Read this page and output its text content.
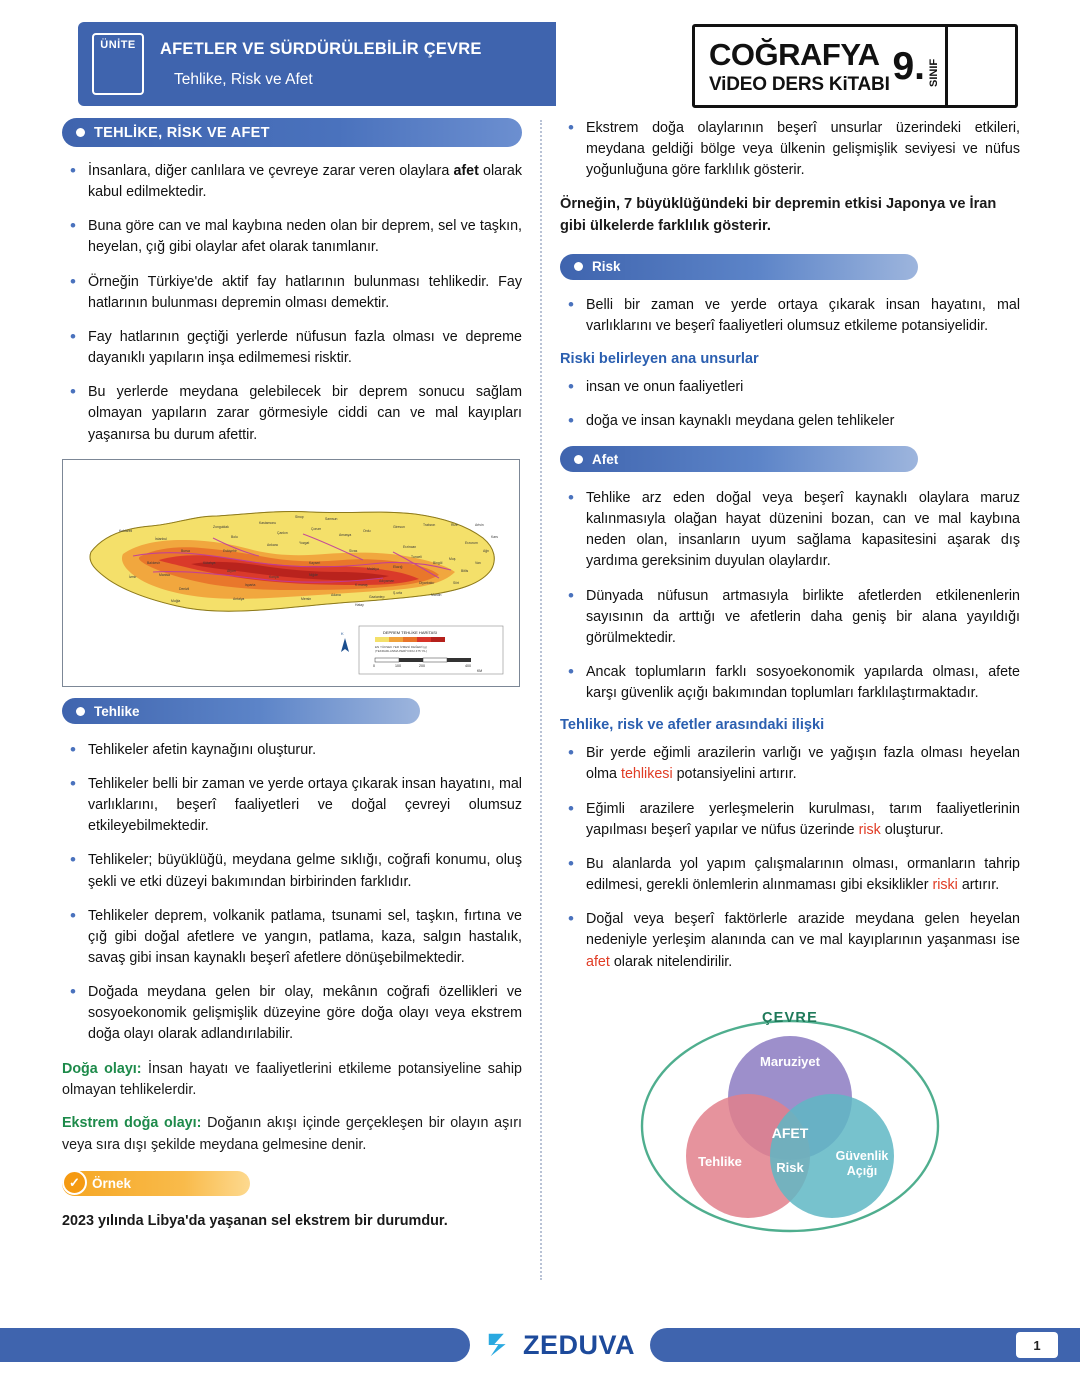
ÜNİTE AFETLER VE SÜRDÜRÜLEBİLİR ÇEVRE
Tehlike, Risk ve Afet
COĞRAFYA
ViDEO DERS KiTABI 9. SINIF
TEHLİKE, RİSK VE AFET
• İnsanlara, diğer canlılara ve çevreye zarar veren olaylara afet olarak kabul edilmektedir.
• Buna göre can ve mal kaybına neden olan bir deprem, sel ve taşkın, heyelan, çığ gibi olaylar afet olarak tanımlanır.
• Örneğin Türkiye'de aktif fay hatlarının bulunması tehlikedir. Fay hatlarının bulunması depremin olması demektir.
• Fay hatlarının geçtiği yerlerde nüfusun fazla olması ve depreme dayanıklı yapıların inşa edilmemesi risktir.
• Bu yerlerde meydana gelebilecek bir deprem sonucu sağlam olmayan yapıların zarar görmesiyle ciddi can ve mal kayıpları yaşanırsa bu durum afettir.
Kırklareli
İstanbul
Bursa
Balıkesir
İzmir	Manisa
Denizli
Muğla	Antalya
Konya
Ankara
Eskişehir
Kütahya
Afyon
Isparta
Niğde
Adana
Mersin
Hatay
K.maraş
Gaziantep
Ş.urfa
Diyarbakır
Mardin
Siirt
Van
Muş
Erzurum
Erzincan
Sivas
Kayseri
Yozgat
Çorum
Samsun
Sinop
Kastamonu
Zonguldak
Bolu
Ordu
Giresun	Trabzon	Rize	Artvin
Kars
Ağrı
Bitlis
Elazığ
Malatya
Adıyaman
Tunceli
Bingöl
Amasya
Çankırı
DEPREM TEHLİKE HARİTASI
EN YÜKSEK YER İVMESİ DEĞERİ (g)
(TEKRARLANMA PERİYODU 475 YIL)
0	100	200	400
KM
K
Tehlike
• Tehlikeler afetin kaynağını oluşturur.
• Tehlikeler belli bir zaman ve yerde ortaya çıkarak insan hayatını, mal varlıklarını, beşerî faaliyetleri ve doğal çevreyi olumsuz etkileyebilmektedir.
• Tehlikeler; büyüklüğü, meydana gelme sıklığı, coğrafi konumu, oluş şekli ve etki düzeyi bakımından birbirinden farklıdır.
• Tehlikeler deprem, volkanik patlama, tsunami sel, taşkın, fırtına ve çığ gibi doğal afetlere ve yangın, patlama, kaza, salgın hastalık, savaş gibi insan kaynaklı beşerî afetlere dönüşebilmektedir.
• Doğada meydana gelen bir olay, mekânın coğrafi özellikleri ve sosyoekonomik gelişmişlik düzeyine göre doğa olayı veya ekstrem doğa olayı olarak adlandırılabilir.

Doğa olayı: İnsan hayatı ve faaliyetlerini etkileme potansiyeline sahip olmayan tehlikelerdir.

Ekstrem doğa olayı: Doğanın akışı içinde gerçekleşen bir olayın aşırı veya sıra dışı şekilde meydana gelmesine denir.

Örnek
✓

2023 yılında Libya'da yaşanan sel ekstrem bir durumdur.

• Ekstrem doğa olaylarının beşerî unsurlar üzerindeki etkileri, meydana geldiği bölge veya ülkenin gelişmişlik seviyesi ve nüfus yoğunluğuna göre farklılık gösterir.

Örneğin, 7 büyüklüğündeki bir depremin etkisi Japonya ve İran gibi ülkelerde farklılık gösterir.

Risk
• Belli bir zaman ve yerde ortaya çıkarak insan hayatını, mal varlıklarını ve beşerî faaliyetleri olumsuz etkileme potansiyelidir.
Riski belirleyen ana unsurlar
• insan ve onun faaliyetleri
• doğa ve insan kaynaklı meydana gelen tehlikeler
Afet
• Tehlike arz eden doğal veya beşerî kaynaklı olaylara maruz kalınmasıyla olağan hayat düzenini bozan, can ve mal kaybına neden olan, insanların uyum sağlama kapasitesini aşarak dış yardıma gereksinim duyulan olaylardır.
• Dünyada nüfusun artmasıyla birlikte afetlerden etkilenenlerin sayısının da arttığı ve afetlerin daha geniş bir alana yayıldığı görülmektedir.
• Ancak toplumların farklı sosyoekonomik yapılarda olması, afete karşı güvenlik açığı bakımından toplumları farklılaştırmaktadır.
Tehlike, risk ve afetler arasındaki ilişki
• Bir yerde eğimli arazilerin varlığı ve yağışın fazla olması heyelan olma tehlikesi potansiyelini artırır.
• Eğimli arazilere yerleşmelerin kurulması, tarım faaliyetlerinin yapılması beşerî yapılar ve nüfus üzerinde risk oluşturur.
• Bu alanlarda yol yapım çalışmalarının olması, ormanların tahrip edilmesi, gerekli önlemlerin alınmaması gibi eksiklikler riski artırır.
• Doğal veya beşerî faktörlerle arazide meydana gelen heyelan nedeniyle yerleşim alanında can ve mal kayıplarının yaşanması ise afet olarak nitelendirilir.
ÇEVRE
Maruziyet
Tehlike	Güvenlik
Açığı
AFET
Risk
ZEDUVA	1
